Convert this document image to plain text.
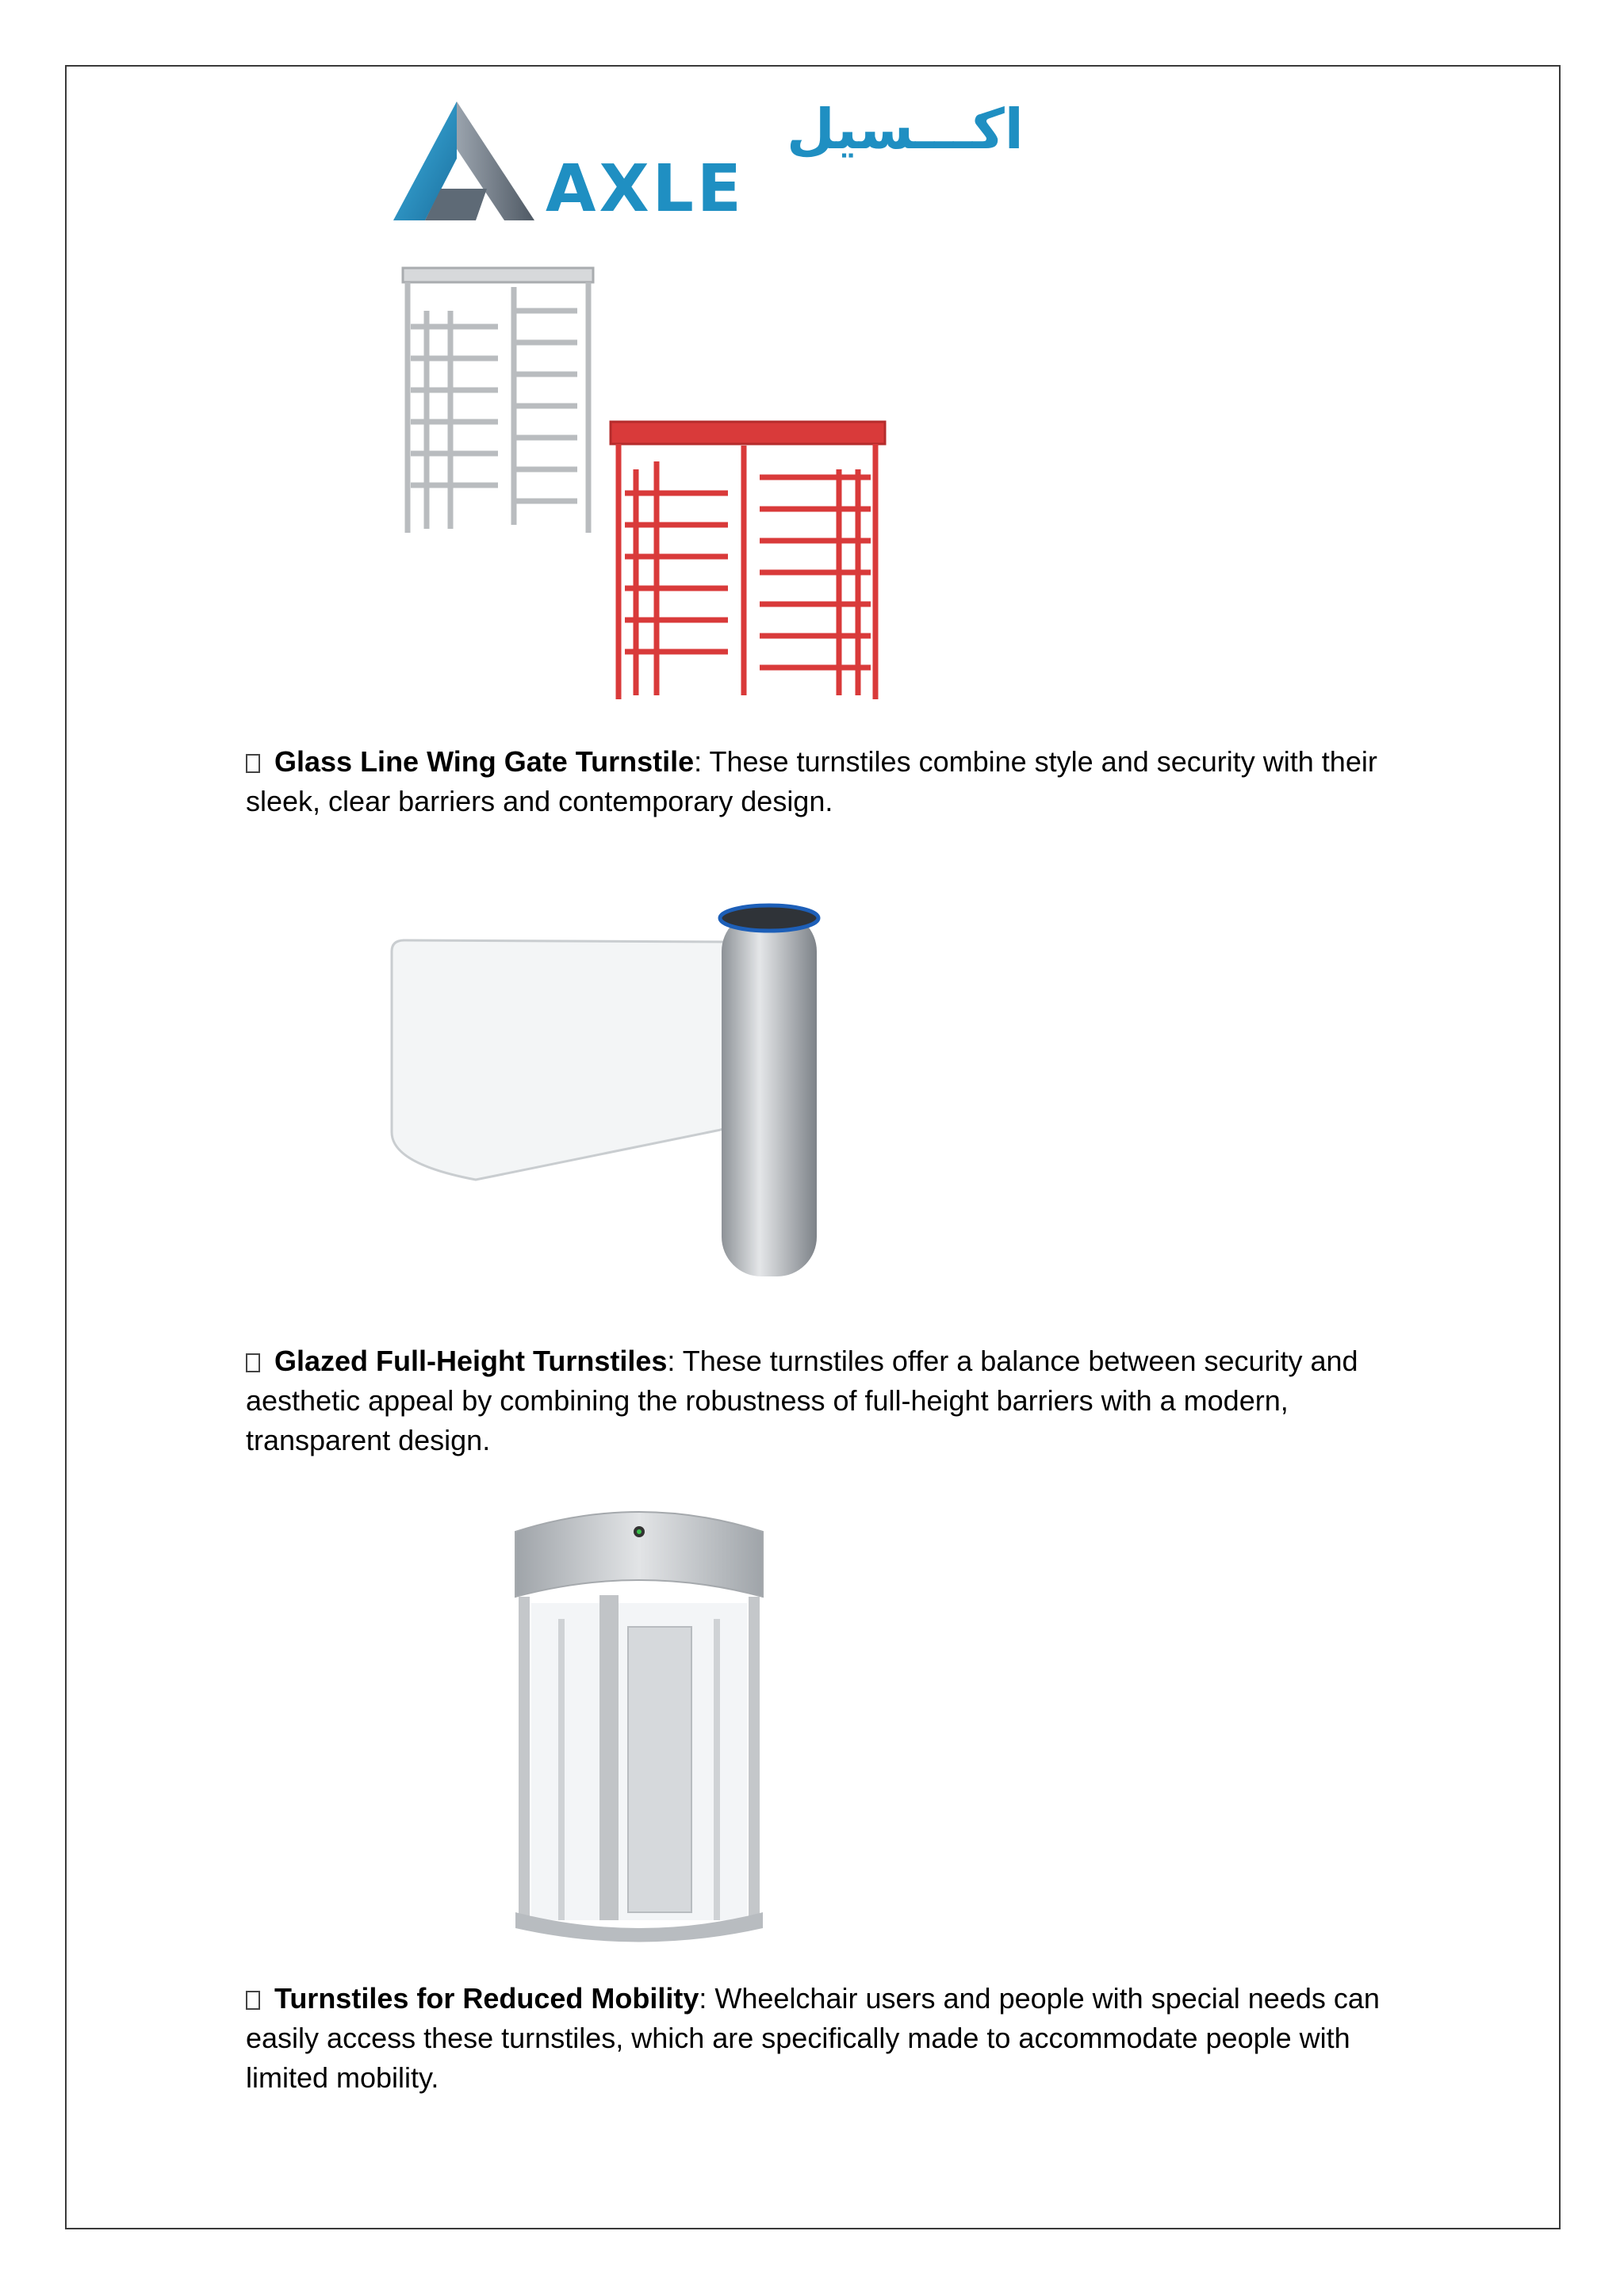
AXLE
اكـــسيل

Glass Line Wing Gate Turnstile: These turnstiles combine style and security with their sleek, clear barriers and contemporary design.

Glazed Full-Height Turnstiles: These turnstiles offer a balance between security and aesthetic appeal by combining the robustness of full-height barriers with a modern, transparent design.

Turnstiles for Reduced Mobility: Wheelchair users and people with special needs can easily access these turnstiles, which are specifically made to accommodate people with limited mobility.
